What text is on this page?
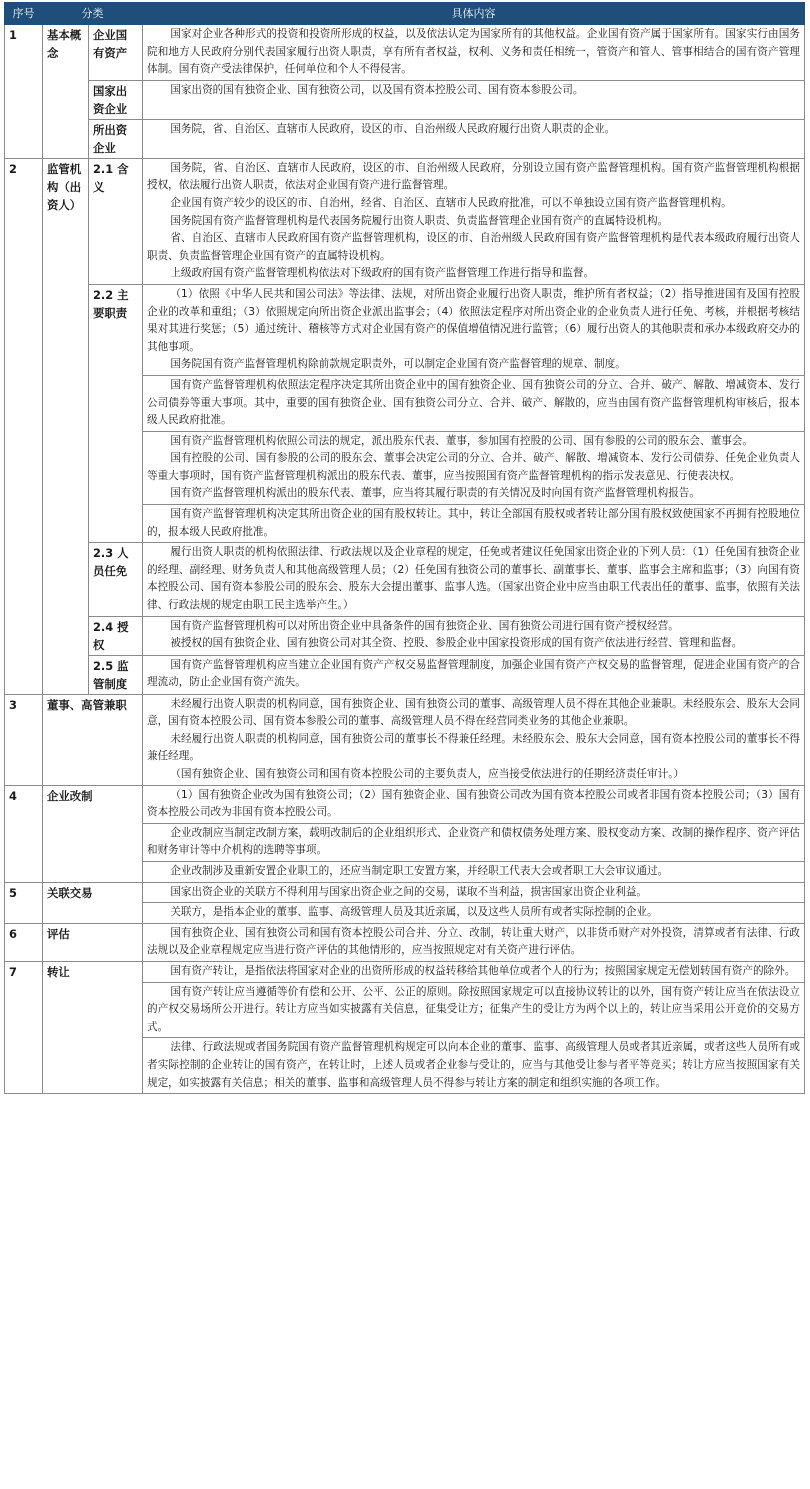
序号	分类		具体内容
1	基本概念	企业国有资产	国家对企业各种形式的投资和投资所形成的权益，以及依法认定为国家所有的其他权益。企业国有资产属于国家所有。国家实行由国务院和地方人民政府分别代表国家履行出资人职责，享有所有者权益，权利、义务和责任相统一，管资产和管人、管事相结合的国有资产管理体制。国有资产受法律保护，任何单位和个人不得侵害。

		国家出资企业	国家出资的国有独资企业、国有独资公司，以及国有资本控股公司、国有资本参股公司。

		所出资企业	国务院，省、自治区、直辖市人民政府，设区的市、自治州级人民政府履行出资人职责的企业。

2	监管机构（出资人）	2.1 含义	国务院，省、自治区、直辖市人民政府，设区的市、自治州级人民政府，分别设立国有资产监督管理机构。国有资产监督管理机构根据授权，依法履行出资人职责，依法对企业国有资产进行监督管理。

企业国有资产较少的设区的市、自治州，经省、自治区、直辖市人民政府批准，可以不单独设立国有资产监督管理机构。

国务院国有资产监督管理机构是代表国务院履行出资人职责、负责监督管理企业国有资产的直属特设机构。

省、自治区、直辖市人民政府国有资产监督管理机构，设区的市、自治州级人民政府国有资产监督管理机构是代表本级政府履行出资人职责、负责监督管理企业国有资产的直属特设机构。

上级政府国有资产监督管理机构依法对下级政府的国有资产监督管理工作进行指导和监督。

		2.2 主要职责	（1）依照《中华人民共和国公司法》等法律、法规，对所出资企业履行出资人职责，维护所有者权益；（2）指导推进国有及国有控股企业的改革和重组；（3）依照规定向所出资企业派出监事会；（4）依照法定程序对所出资企业的企业负责人进行任免、考核，并根据考核结果对其进行奖惩；（5）通过统计、稽核等方式对企业国有资产的保值增值情况进行监管；（6）履行出资人的其他职责和承办本级政府交办的其他事项。

国务院国有资产监督管理机构除前款规定职责外，可以制定企业国有资产监督管理的规章、制度。

			国有资产监督管理机构依照法定程序决定其所出资企业中的国有独资企业、国有独资公司的分立、合并、破产、解散、增减资本、发行公司债券等重大事项。其中，重要的国有独资企业、国有独资公司分立、合并、破产、解散的，应当由国有资产监督管理机构审核后，报本级人民政府批准。

			国有资产监督管理机构依照公司法的规定，派出股东代表、董事，参加国有控股的公司、国有参股的公司的股东会、董事会。

国有控股的公司、国有参股的公司的股东会、董事会决定公司的分立、合并、破产、解散、增减资本、发行公司债券、任免企业负责人等重大事项时，国有资产监督管理机构派出的股东代表、董事，应当按照国有资产监督管理机构的指示发表意见、行使表决权。

国有资产监督管理机构派出的股东代表、董事，应当将其履行职责的有关情况及时向国有资产监督管理机构报告。

			国有资产监督管理机构决定其所出资企业的国有股权转让。其中，转让全部国有股权或者转让部分国有股权致使国家不再拥有控股地位的，报本级人民政府批准。

		2.3 人员任免	履行出资人职责的机构依照法律、行政法规以及企业章程的规定，任免或者建议任免国家出资企业的下列人员：（1）任免国有独资企业的经理、副经理、财务负责人和其他高级管理人员；（2）任免国有独资公司的董事长、副董事长、董事、监事会主席和监事；（3）向国有资本控股公司、国有资本参股公司的股东会、股东大会提出董事、监事人选。（国家出资企业中应当由职工代表出任的董事、监事，依照有关法律、行政法规的规定由职工民主选举产生。）

		2.4 授权	国有资产监督管理机构可以对所出资企业中具备条件的国有独资企业、国有独资公司进行国有资产授权经营。

被授权的国有独资企业、国有独资公司对其全资、控股、参股企业中国家投资形成的国有资产依法进行经营、管理和监督。

		2.5 监管制度	国有资产监督管理机构应当建立企业国有资产产权交易监督管理制度，加强企业国有资产产权交易的监督管理，促进企业国有资产的合理流动，防止企业国有资产流失。

3	董事、高管兼职		未经履行出资人职责的机构同意，国有独资企业、国有独资公司的董事、高级管理人员不得在其他企业兼职。未经股东会、股东大会同意，国有资本控股公司、国有资本参股公司的董事、高级管理人员不得在经营同类业务的其他企业兼职。

未经履行出资人职责的机构同意，国有独资公司的董事长不得兼任经理。未经股东会、股东大会同意，国有资本控股公司的董事长不得兼任经理。

（国有独资企业、国有独资公司和国有资本控股公司的主要负责人，应当接受依法进行的任期经济责任审计。）

4	企业改制		（1）国有独资企业改为国有独资公司；（2）国有独资企业、国有独资公司改为国有资本控股公司或者非国有资本控股公司；（3）国有资本控股公司改为非国有资本控股公司。

			企业改制应当制定改制方案，载明改制后的企业组织形式、企业资产和债权债务处理方案、股权变动方案、改制的操作程序、资产评估和财务审计等中介机构的选聘等事项。

			企业改制涉及重新安置企业职工的，还应当制定职工安置方案，并经职工代表大会或者职工大会审议通过。

5	关联交易		国家出资企业的关联方不得利用与国家出资企业之间的交易，谋取不当利益，损害国家出资企业利益。

			关联方，是指本企业的董事、监事、高级管理人员及其近亲属，以及这些人员所有或者实际控制的企业。

6	评估		国有独资企业、国有独资公司和国有资本控股公司合并、分立、改制，转让重大财产，以非货币财产对外投资，清算或者有法律、行政法规以及企业章程规定应当进行资产评估的其他情形的，应当按照规定对有关资产进行评估。

7	转让		国有资产转让，是指依法将国家对企业的出资所形成的权益转移给其他单位或者个人的行为；按照国家规定无偿划转国有资产的除外。

			国有资产转让应当遵循等价有偿和公开、公平、公正的原则。除按照国家规定可以直接协议转让的以外，国有资产转让应当在依法设立的产权交易场所公开进行。转让方应当如实披露有关信息，征集受让方；征集产生的受让方为两个以上的，转让应当采用公开竞价的交易方式。

			法律、行政法规或者国务院国有资产监督管理机构规定可以向本企业的董事、监事、高级管理人员或者其近亲属，或者这些人员所有或者实际控制的企业转让的国有资产，在转让时，上述人员或者企业参与受让的，应当与其他受让参与者平等竞买；转让方应当按照国家有关规定，如实披露有关信息；相关的董事、监事和高级管理人员不得参与转让方案的制定和组织实施的各项工作。
